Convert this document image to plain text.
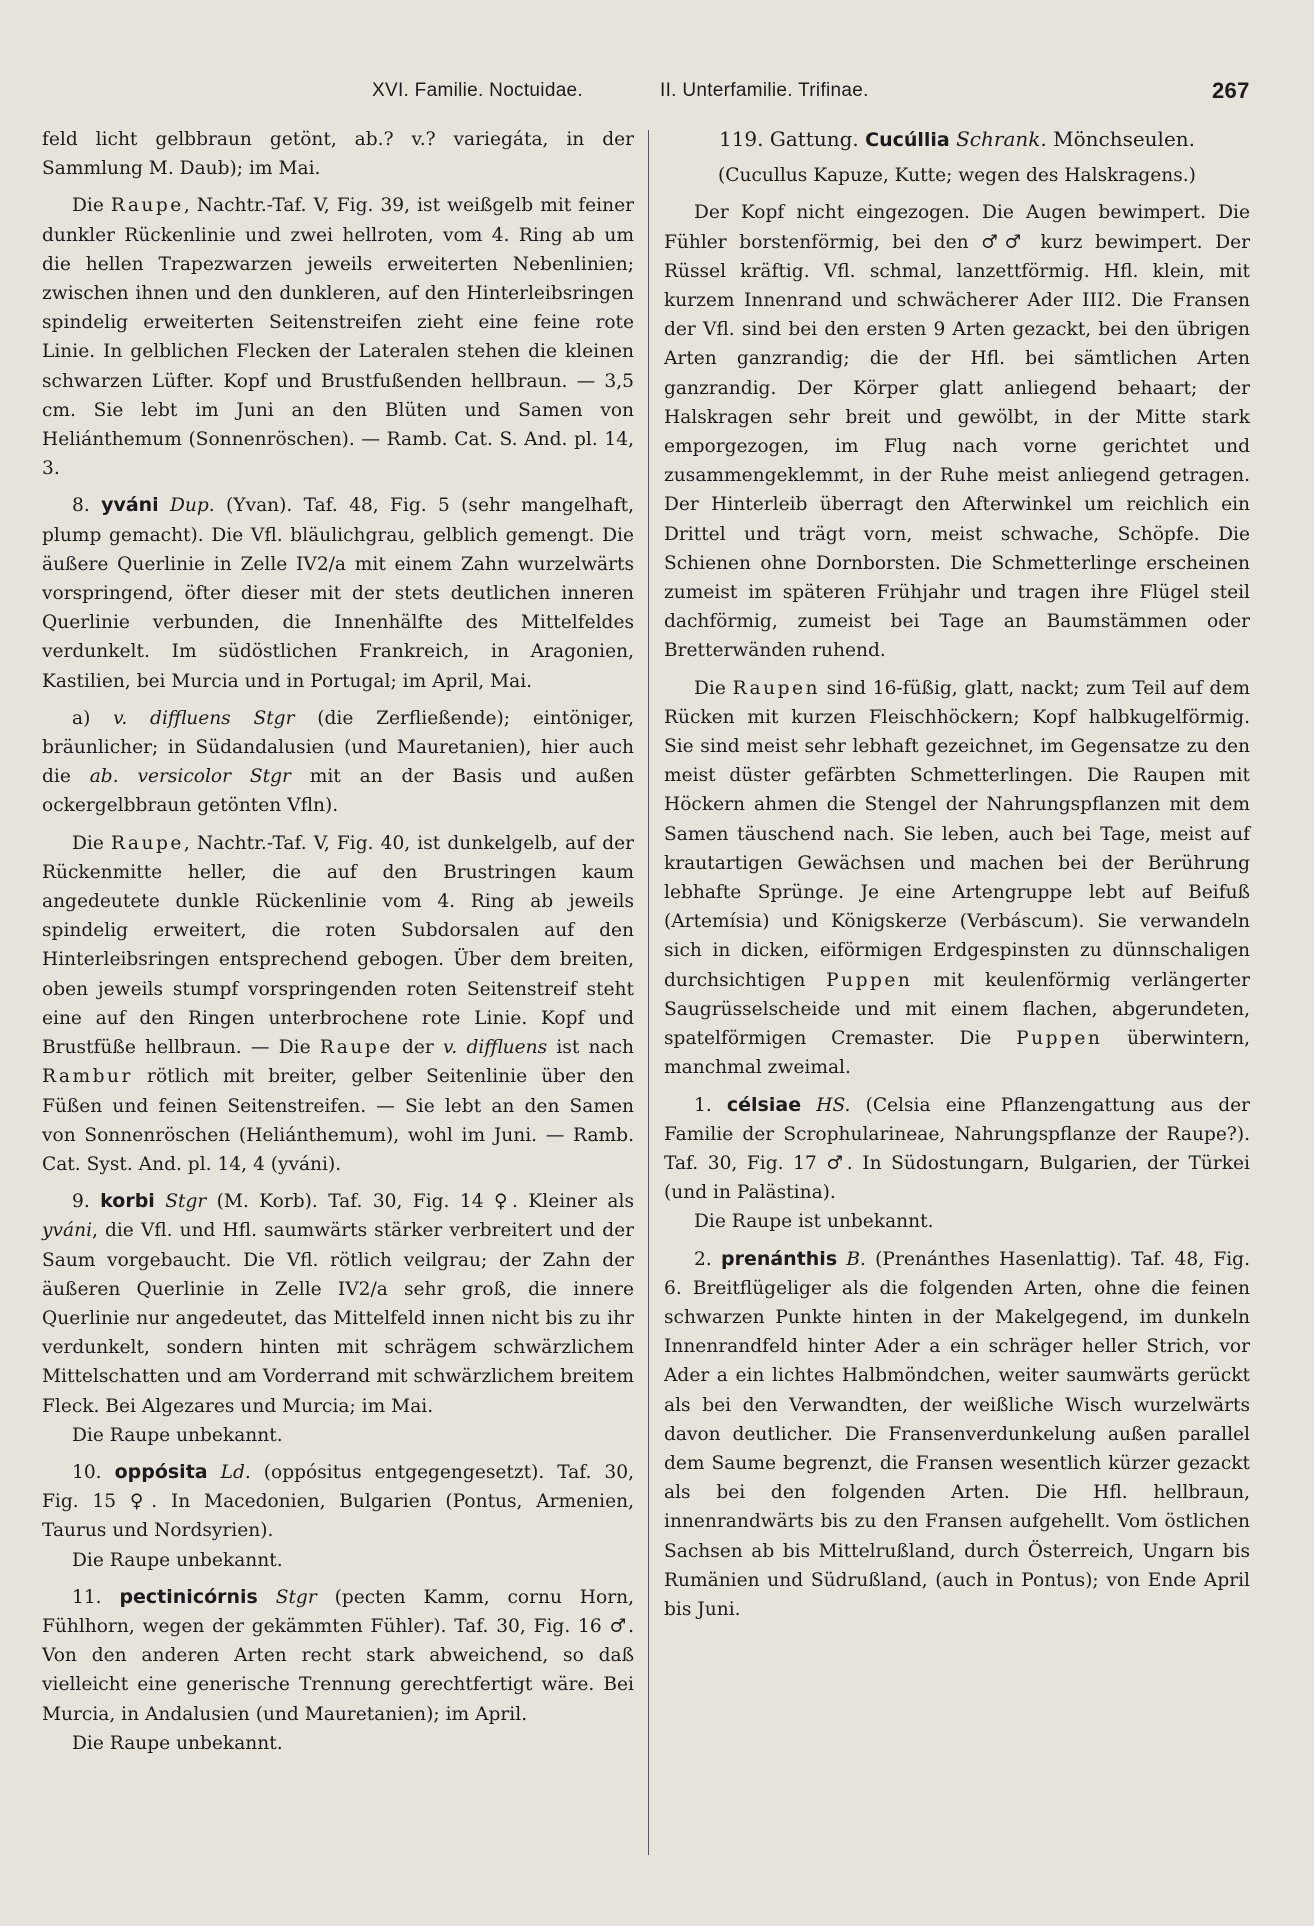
XVI. Familie. Noctuidae.	II. Unterfamilie. Trifinae.	267

feld licht gelbbraun getönt, ab.? v.? variegáta, in der Sammlung M. Daub); im Mai.

Die Raupe, Nachtr.-Taf. V, Fig. 39, ist weißgelb mit feiner dunkler Rückenlinie und zwei hellroten, vom 4. Ring ab um die hellen Trapezwarzen jeweils erweiterten Nebenlinien; zwischen ihnen und den dunkleren, auf den Hinterleibsringen spindelig erweiterten Seitenstreifen zieht eine feine rote Linie. In gelblichen Flecken der Lateralen stehen die kleinen schwarzen Lüfter. Kopf und Brustfußenden hellbraun. — 3,5 cm. Sie lebt im Juni an den Blüten und Samen von Heliánthemum (Sonnenröschen). — Ramb. Cat. S. And. pl. 14, 3.

8. yváni Dup. (Yvan). Taf. 48, Fig. 5 (sehr mangelhaft, plump gemacht). Die Vfl. bläulichgrau, gelblich gemengt. Die äußere Querlinie in Zelle IV2/a mit einem Zahn wurzelwärts vorspringend, öfter dieser mit der stets deutlichen inneren Querlinie verbunden, die Innenhälfte des Mittelfeldes verdunkelt. Im südöstlichen Frankreich, in Aragonien, Kastilien, bei Murcia und in Portugal; im April, Mai.

a) v. diffluens Stgr (die Zerfließende); eintöniger, bräunlicher; in Südandalusien (und Mauretanien), hier auch die ab. versicolor Stgr mit an der Basis und außen ockergelbbraun getönten Vfln).

Die Raupe, Nachtr.-Taf. V, Fig. 40, ist dunkelgelb, auf der Rückenmitte heller, die auf den Brustringen kaum angedeutete dunkle Rückenlinie vom 4. Ring ab jeweils spindelig erweitert, die roten Subdorsalen auf den Hinterleibsringen entsprechend gebogen. Über dem breiten, oben jeweils stumpf vorspringenden roten Seitenstreif steht eine auf den Ringen unterbrochene rote Linie. Kopf und Brustfüße hellbraun. — Die Raupe der v. diffluens ist nach Rambur rötlich mit breiter, gelber Seitenlinie über den Füßen und feinen Seitenstreifen. — Sie lebt an den Samen von Sonnenröschen (Heliánthemum), wohl im Juni. — Ramb. Cat. Syst. And. pl. 14, 4 (yváni).

9. korbi Stgr (M. Korb). Taf. 30, Fig. 14 ♀. Kleiner als yváni, die Vfl. und Hfl. saumwärts stärker verbreitert und der Saum vorgebaucht. Die Vfl. rötlich veilgrau; der Zahn der äußeren Querlinie in Zelle IV2/a sehr groß, die innere Querlinie nur angedeutet, das Mittelfeld innen nicht bis zu ihr verdunkelt, sondern hinten mit schrägem schwärzlichem Mittelschatten und am Vorderrand mit schwärzlichem breitem Fleck. Bei Algezares und Murcia; im Mai.
Die Raupe unbekannt.

10. oppósita Ld. (oppósitus entgegengesetzt). Taf. 30, Fig. 15 ♀. In Macedonien, Bulgarien (Pontus, Armenien, Taurus und Nordsyrien).
Die Raupe unbekannt.

11. pectinicórnis Stgr (pecten Kamm, cornu Horn, Fühlhorn, wegen der gekämmten Fühler). Taf. 30, Fig. 16 ♂. Von den anderen Arten recht stark abweichend, so daß vielleicht eine generische Trennung gerechtfertigt wäre. Bei Murcia, in Andalusien (und Mauretanien); im April.
Die Raupe unbekannt.

119. Gattung. Cucúllia Schrank. Mönchseulen.

(Cucullus Kapuze, Kutte; wegen des Halskragens.)

Der Kopf nicht eingezogen. Die Augen bewimpert. Die Fühler borstenförmig, bei den ♂♂ kurz bewimpert. Der Rüssel kräftig. Vfl. schmal, lanzettförmig. Hfl. klein, mit kurzem Innenrand und schwächerer Ader III2. Die Fransen der Vfl. sind bei den ersten 9 Arten gezackt, bei den übrigen Arten ganzrandig; die der Hfl. bei sämtlichen Arten ganzrandig. Der Körper glatt anliegend behaart; der Halskragen sehr breit und gewölbt, in der Mitte stark emporgezogen, im Flug nach vorne gerichtet und zusammengeklemmt, in der Ruhe meist anliegend getragen. Der Hinterleib überragt den Afterwinkel um reichlich ein Drittel und trägt vorn, meist schwache, Schöpfe. Die Schienen ohne Dornborsten. Die Schmetterlinge erscheinen zumeist im späteren Frühjahr und tragen ihre Flügel steil dachförmig, zumeist bei Tage an Baumstämmen oder Bretterwänden ruhend.

Die Raupen sind 16-füßig, glatt, nackt; zum Teil auf dem Rücken mit kurzen Fleischhöckern; Kopf halbkugelförmig. Sie sind meist sehr lebhaft gezeichnet, im Gegensatze zu den meist düster gefärbten Schmetterlingen. Die Raupen mit Höckern ahmen die Stengel der Nahrungspflanzen mit dem Samen täuschend nach. Sie leben, auch bei Tage, meist auf krautartigen Gewächsen und machen bei der Berührung lebhafte Sprünge. Je eine Artengruppe lebt auf Beifuß (Artemísia) und Königskerze (Verbáscum). Sie verwandeln sich in dicken, eiförmigen Erdgespinsten zu dünnschaligen durchsichtigen Puppen mit keulenförmig verlängerter Saugrüsselscheide und mit einem flachen, abgerundeten, spatelförmigen Cremaster. Die Puppen überwintern, manchmal zweimal.

1. célsiae HS. (Celsia eine Pflanzengattung aus der Familie der Scrophularineae, Nahrungspflanze der Raupe?). Taf. 30, Fig. 17 ♂. In Südostungarn, Bulgarien, der Türkei (und in Palästina).
Die Raupe ist unbekannt.

2. prenánthis B. (Prenánthes Hasenlattig). Taf. 48, Fig. 6. Breitflügeliger als die folgenden Arten, ohne die feinen schwarzen Punkte hinten in der Makelgegend, im dunkeln Innenrandfeld hinter Ader a ein schräger heller Strich, vor Ader a ein lichtes Halbmöndchen, weiter saumwärts gerückt als bei den Verwandten, der weißliche Wisch wurzelwärts davon deutlicher. Die Fransenverdunkelung außen parallel dem Saume begrenzt, die Fransen wesentlich kürzer gezackt als bei den folgenden Arten. Die Hfl. hellbraun, innenrandwärts bis zu den Fransen aufgehellt. Vom östlichen Sachsen ab bis Mittelrußland, durch Österreich, Ungarn bis Rumänien und Südrußland, (auch in Pontus); von Ende April bis Juni.
